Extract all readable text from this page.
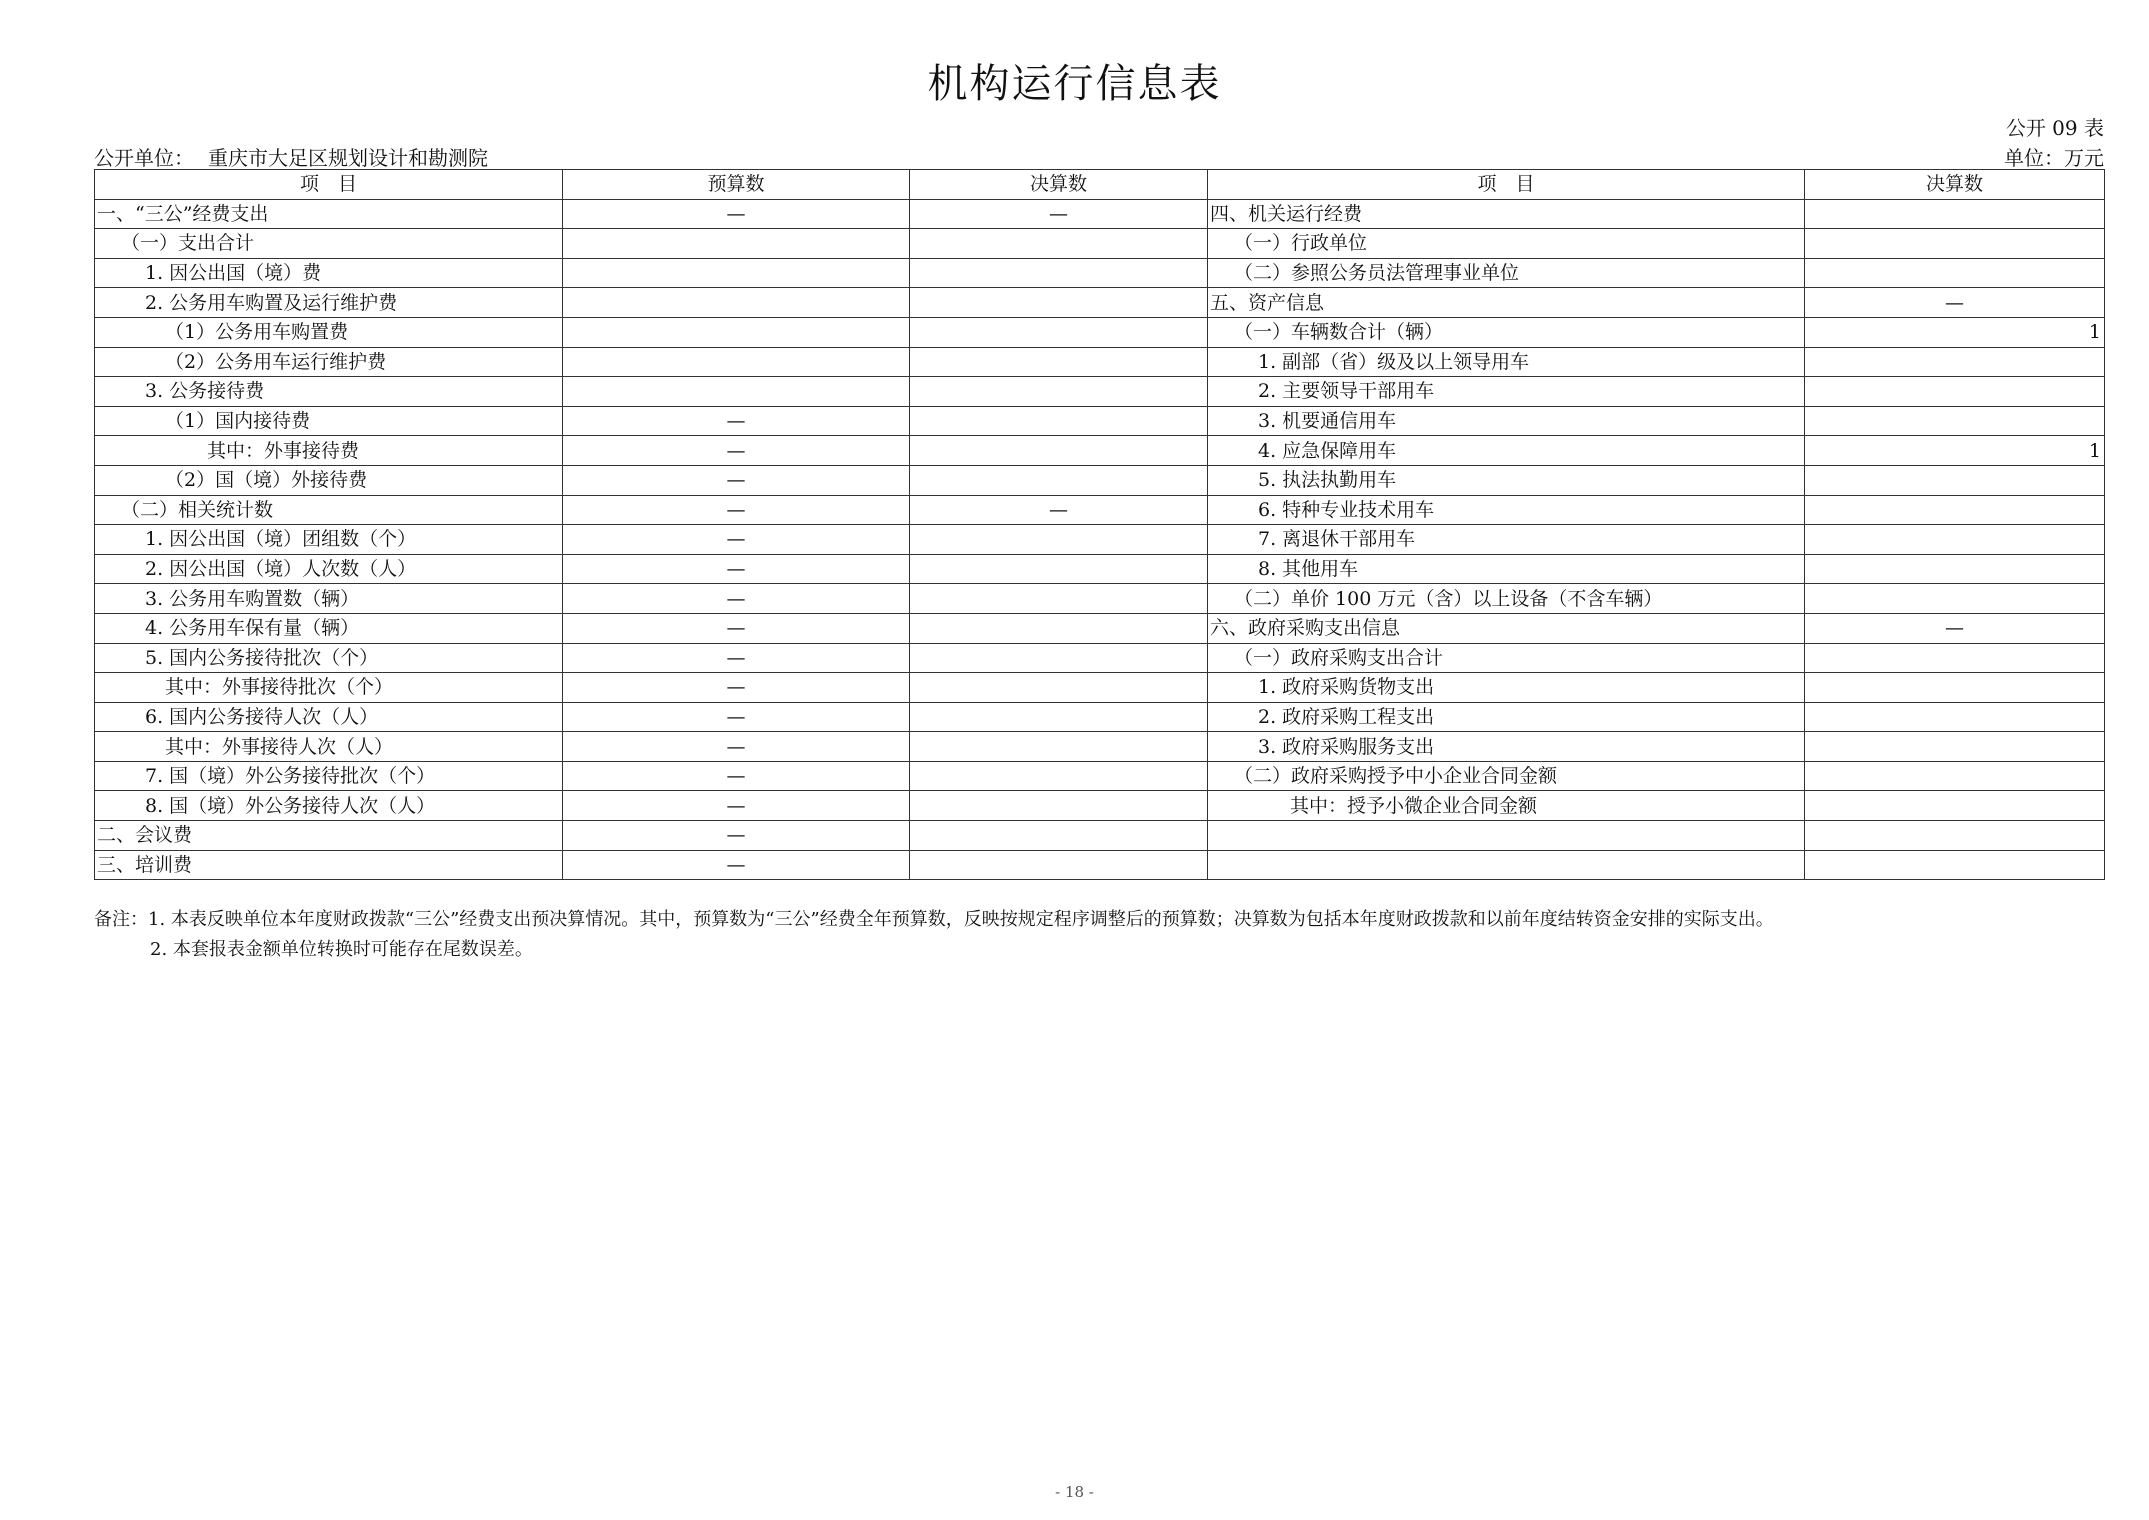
机构运行信息表
公开 09 表
公开单位： 重庆市大足区规划设计和勘测院	单位：万元
项　目	预算数	决算数	项　目	决算数
一、“三公”经费支出	—	—	四、机关运行经费	
（一）支出合计			（一）行政单位	
1. 因公出国（境）费			（二）参照公务员法管理事业单位	
2. 公务用车购置及运行维护费			五、资产信息	—
（1）公务用车购置费			（一）车辆数合计（辆）	1
（2）公务用车运行维护费			1. 副部（省）级及以上领导用车	
3. 公务接待费			2. 主要领导干部用车	
（1）国内接待费	—		3. 机要通信用车	
其中：外事接待费	—		4. 应急保障用车	1
（2）国（境）外接待费	—		5. 执法执勤用车	
（二）相关统计数	—	—	6. 特种专业技术用车	
1. 因公出国（境）团组数（个）	—		7. 离退休干部用车	
2. 因公出国（境）人次数（人）	—		8. 其他用车	
3. 公务用车购置数（辆）	—		（二）单价 100 万元（含）以上设备（不含车辆）	
4. 公务用车保有量（辆）	—		六、政府采购支出信息	—
5. 国内公务接待批次（个）	—		（一）政府采购支出合计	
其中：外事接待批次（个）	—		1. 政府采购货物支出	
6. 国内公务接待人次（人）	—		2. 政府采购工程支出	
其中：外事接待人次（人）	—		3. 政府采购服务支出	
7. 国（境）外公务接待批次（个）	—		（二）政府采购授予中小企业合同金额	
8. 国（境）外公务接待人次（人）	—		其中：授予小微企业合同金额	
二、会议费	—			
三、培训费	—			
备注：1. 本表反映单位本年度财政拨款“三公”经费支出预决算情况。其中，预算数为“三公”经费全年预算数，反映按规定程序调整后的预算数；决算数为包括本年度财政拨款和以前年度结转资金安排的实际支出。
2. 本套报表金额单位转换时可能存在尾数误差。
- 18 -
